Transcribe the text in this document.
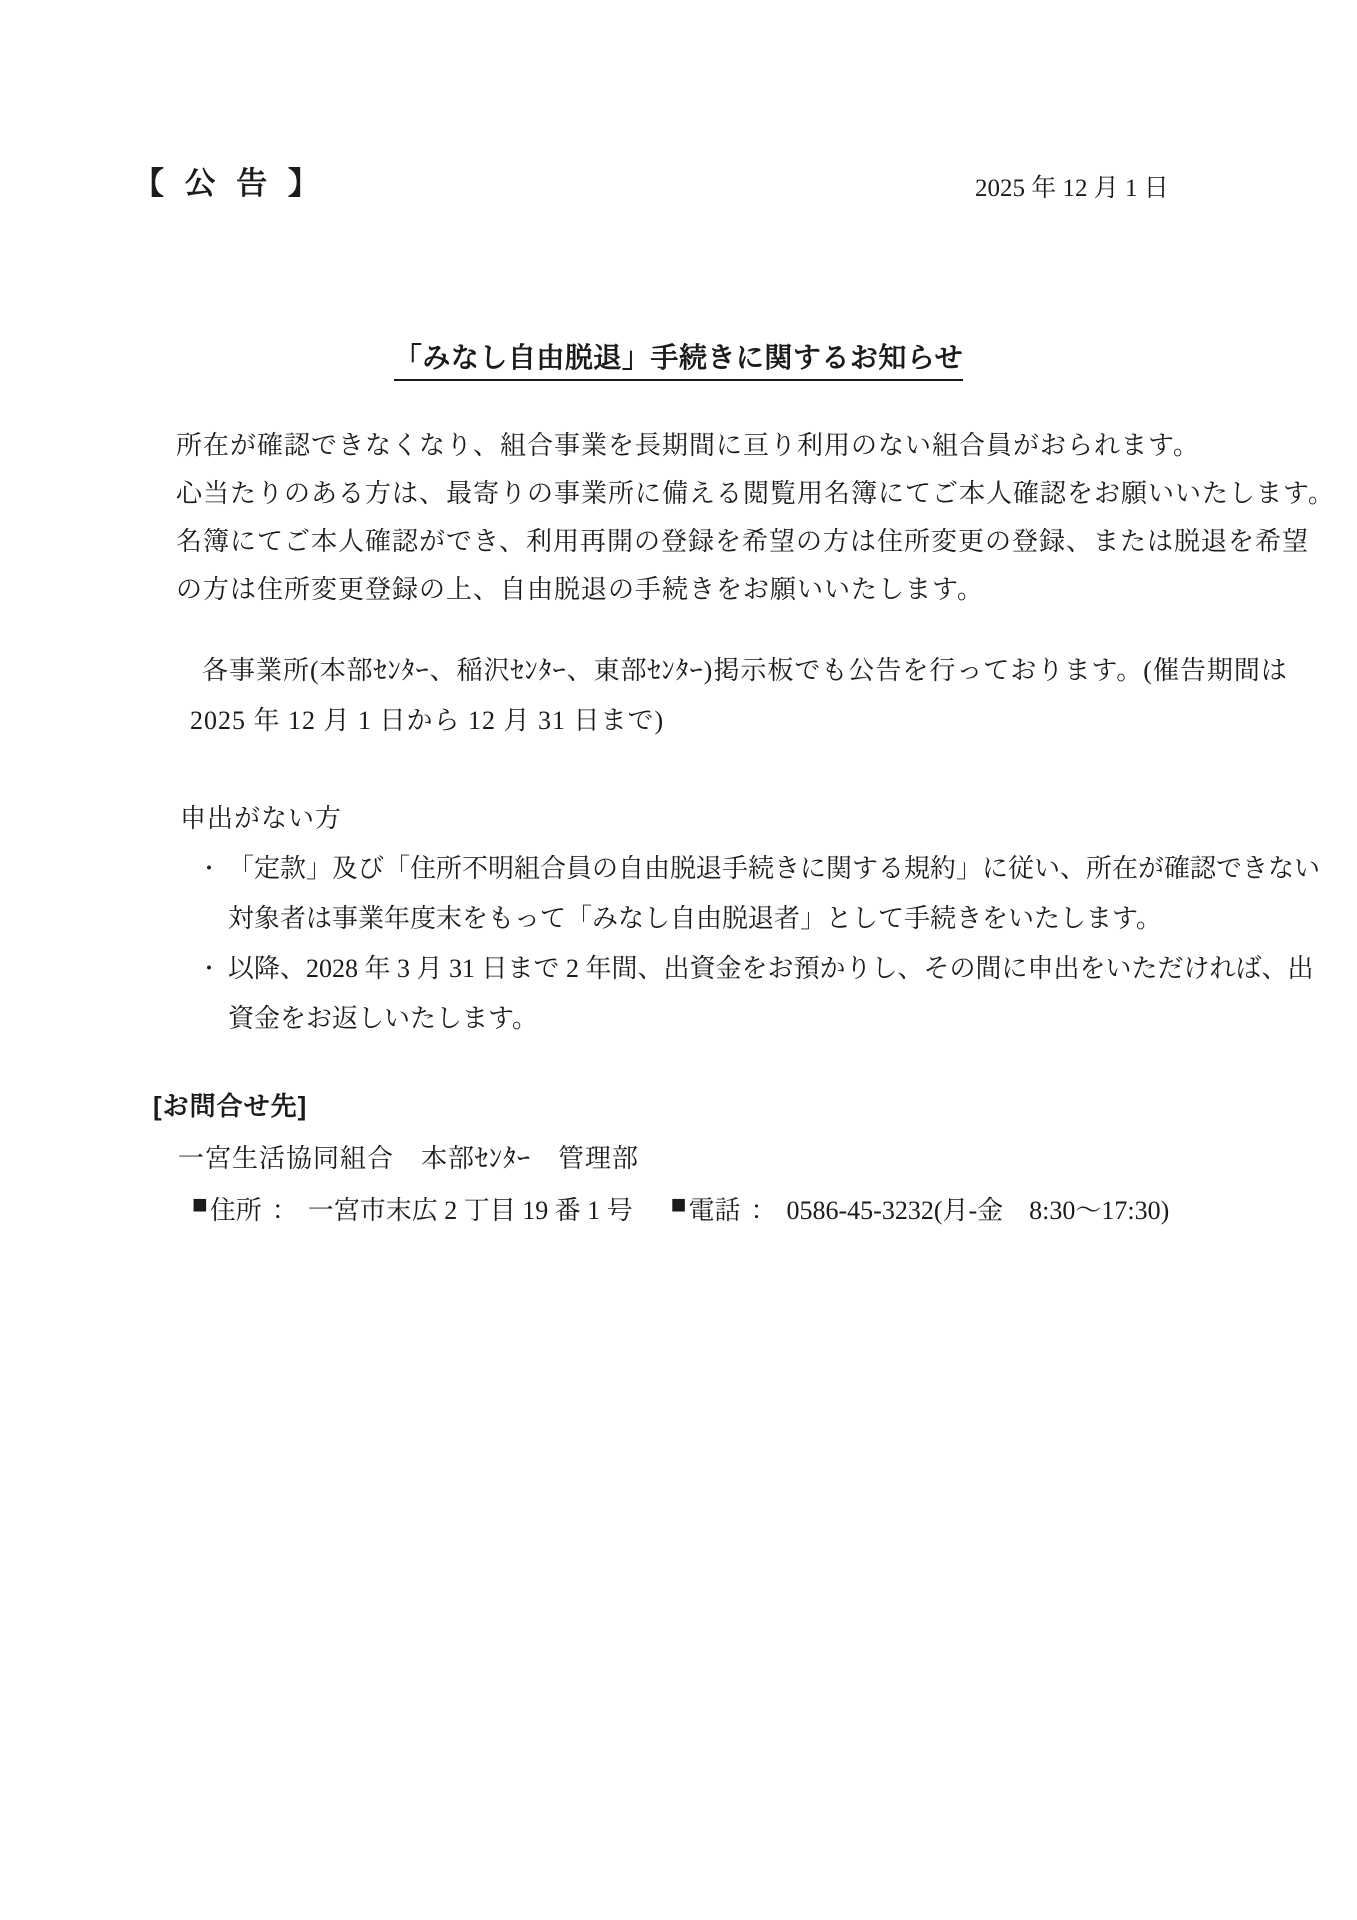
【 公 告 】	2025 年 12 月 1 日
「みなし自由脱退」手続きに関するお知らせ
所在が確認できなくなり、組合事業を長期間に亘り利用のない組合員がおられます。
心当たりのある方は、最寄りの事業所に備える閲覧用名簿にてご本人確認をお願いいたします。
名簿にてご本人確認ができ、利用再開の登録を希望の方は住所変更の登録、または脱退を希望
の方は住所変更登録の上、自由脱退の手続きをお願いいたします。
各事業所(本部ｾﾝﾀｰ、稲沢ｾﾝﾀｰ、東部ｾﾝﾀｰ)掲示板でも公告を行っております。(催告期間は
2025 年 12 月 1 日から 12 月 31 日まで)
申出がない方
・ 「定款」及び「住所不明組合員の自由脱退手続きに関する規約」に従い、所在が確認できない
対象者は事業年度末をもって「みなし自由脱退者」として手続きをいたします。
・ 以降、2028 年 3 月 31 日まで 2 年間、出資金をお預かりし、その間に申出をいただければ、出
資金をお返しいたします。
[お問合せ先]
一宮生活協同組合　本部ｾﾝﾀｰ　管理部
■ 住所 ： 一宮市末広 2 丁目 19 番 1 号 ■ 電話 ： 0586-45-3232(月-金　8:30～17:30)
